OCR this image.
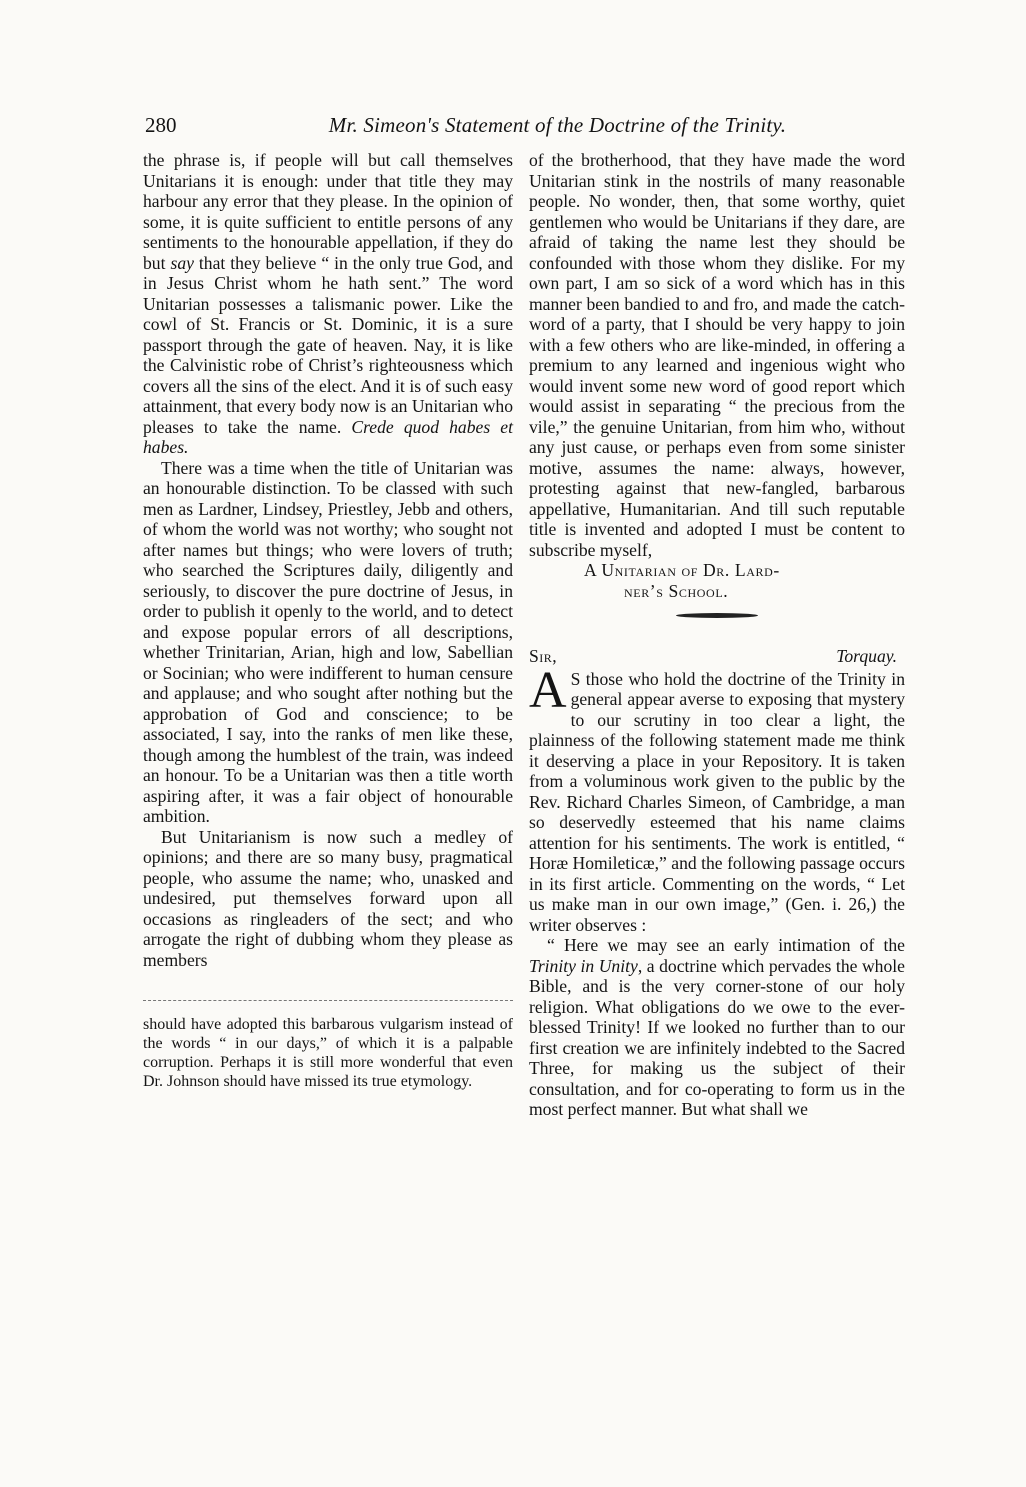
280	Mr. Simeon's Statement of the Doctrine of the Trinity.

the phrase is, if people will but call themselves Unitarians it is enough: under that title they may harbour any error that they please. In the opinion of some, it is quite sufficient to entitle persons of any sentiments to the honourable appellation, if they do but say that they believe “ in the only true God, and in Jesus Christ whom he hath sent.” The word Unitarian possesses a talismanic power. Like the cowl of St. Francis or St. Dominic, it is a sure passport through the gate of heaven. Nay, it is like the Calvinistic robe of Christ’s righteousness which covers all the sins of the elect. And it is of such easy attainment, that every body now is an Unitarian who pleases to take the name. Crede quod habes et habes.

There was a time when the title of Unitarian was an honourable distinction. To be classed with such men as Lardner, Lindsey, Priestley, Jebb and others, of whom the world was not worthy; who sought not after names but things; who were lovers of truth; who searched the Scriptures daily, diligently and seriously, to discover the pure doctrine of Jesus, in order to publish it openly to the world, and to detect and expose popular errors of all descriptions, whether Trinitarian, Arian, high and low, Sabellian or Socinian; who were indifferent to human censure and applause; and who sought after nothing but the approbation of God and conscience; to be associated, I say, into the ranks of men like these, though among the humblest of the train, was indeed an honour. To be a Unitarian was then a title worth aspiring after, it was a fair object of honourable ambition.

But Unitarianism is now such a medley of opinions; and there are so many busy, pragmatical people, who assume the name; who, unasked and undesired, put themselves forward upon all occasions as ringleaders of the sect; and who arrogate the right of dubbing whom they please as members

should have adopted this barbarous vulgarism instead of the words “ in our days,” of which it is a palpable corruption. Perhaps it is still more wonderful that even Dr. Johnson should have missed its true etymology.

of the brotherhood, that they have made the word Unitarian stink in the nostrils of many reasonable people. No wonder, then, that some worthy, quiet gentlemen who would be Unitarians if they dare, are afraid of taking the name lest they should be confounded with those whom they dislike. For my own part, I am so sick of a word which has in this manner been bandied to and fro, and made the catch-word of a party, that I should be very happy to join with a few others who are like-minded, in offering a premium to any learned and ingenious wight who would invent some new word of good report which would assist in separating “ the precious from the vile,” the genuine Unitarian, from him who, without any just cause, or perhaps even from some sinister motive, assumes the name: always, however, protesting against that new-fangled, barbarous appellative, Humanitarian. And till such reputable title is invented and adopted I must be content to subscribe myself,

A Unitarian of Dr. Lard-
ner’s School.

Sir,	Torquay.

A S those who hold the doctrine of the Trinity in general appear averse to exposing that mystery to our scrutiny in too clear a light, the plainness of the following statement made me think it deserving a place in your Repository. It is taken from a voluminous work given to the public by the Rev. Richard Charles Simeon, of Cambridge, a man so deservedly esteemed that his name claims attention for his sentiments. The work is entitled, “ Horæ Homileticæ,” and the following passage occurs in its first article. Commenting on the words, “ Let us make man in our own image,” (Gen. i. 26,) the writer observes :

“ Here we may see an early intimation of the Trinity in Unity, a doctrine which pervades the whole Bible, and is the very corner-stone of our holy religion. What obligations do we owe to the ever-blessed Trinity! If we looked no further than to our first creation we are infinitely indebted to the Sacred Three, for making us the subject of their consultation, and for co-operating to form us in the most perfect manner. But what shall we
